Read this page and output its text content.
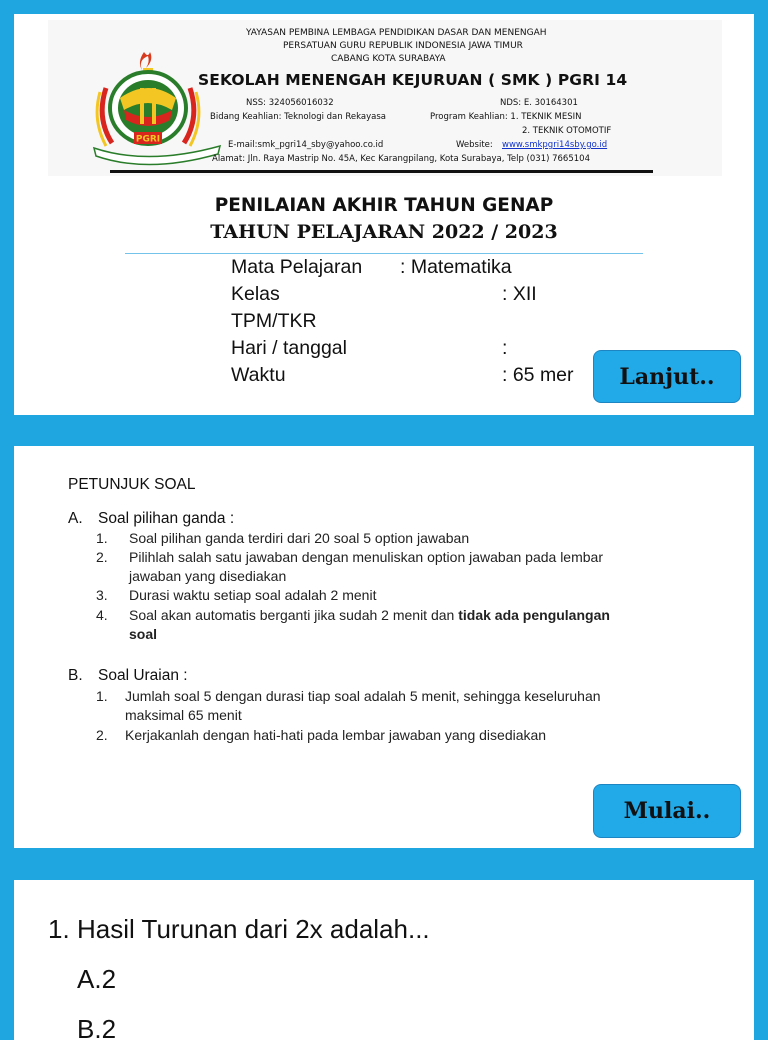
PGRI
YAYASAN PEMBINA LEMBAGA PENDIDIKAN DASAR DAN MENENGAH
PERSATUAN GURU REPUBLIK INDONESIA JAWA TIMUR
CABANG KOTA SURABAYA
SEKOLAH MENENGAH KEJURUAN ( SMK ) PGRI 14
NSS: 324056016032	NDS: E. 30164301
Bidang Keahlian: Teknologi dan Rekayasa	Program Keahlian: 1. TEKNIK MESIN
2. TEKNIK OTOMOTIF
E-mail:smk_pgri14_sby@yahoo.co.id	Website: www.smkpgri14sby.go.id
Alamat: Jln. Raya Mastrip No. 45A, Kec Karangpilang, Kota Surabaya, Telp (031) 7665104
PENILAIAN AKHIR TAHUN GENAP
TAHUN PELAJARAN 2022 / 2023
Mata Pelajaran : Matematika
Kelas	: XII
TPM/TKR
Hari / tanggal	:
Waktu	: 65 mer	Lanjut..
PETUNJUK SOAL
A. Soal pilihan ganda :
1. Soal pilihan ganda terdiri dari 20 soal 5 option jawaban
2. Pilihlah salah satu jawaban dengan menuliskan option jawaban pada lembar
jawaban yang disediakan
3. Durasi waktu setiap soal adalah 2 menit
4. Soal akan automatis berganti jika sudah 2 menit dan tidak ada pengulangan
soal
B. Soal Uraian :
1. Jumlah soal 5 dengan durasi tiap soal adalah 5 menit, sehingga keseluruhan
maksimal 65 menit
2. Kerjakanlah dengan hati-hati pada lembar jawaban yang disediakan
Mulai..
1. Hasil Turunan dari 2x adalah...
A.2
B.2
